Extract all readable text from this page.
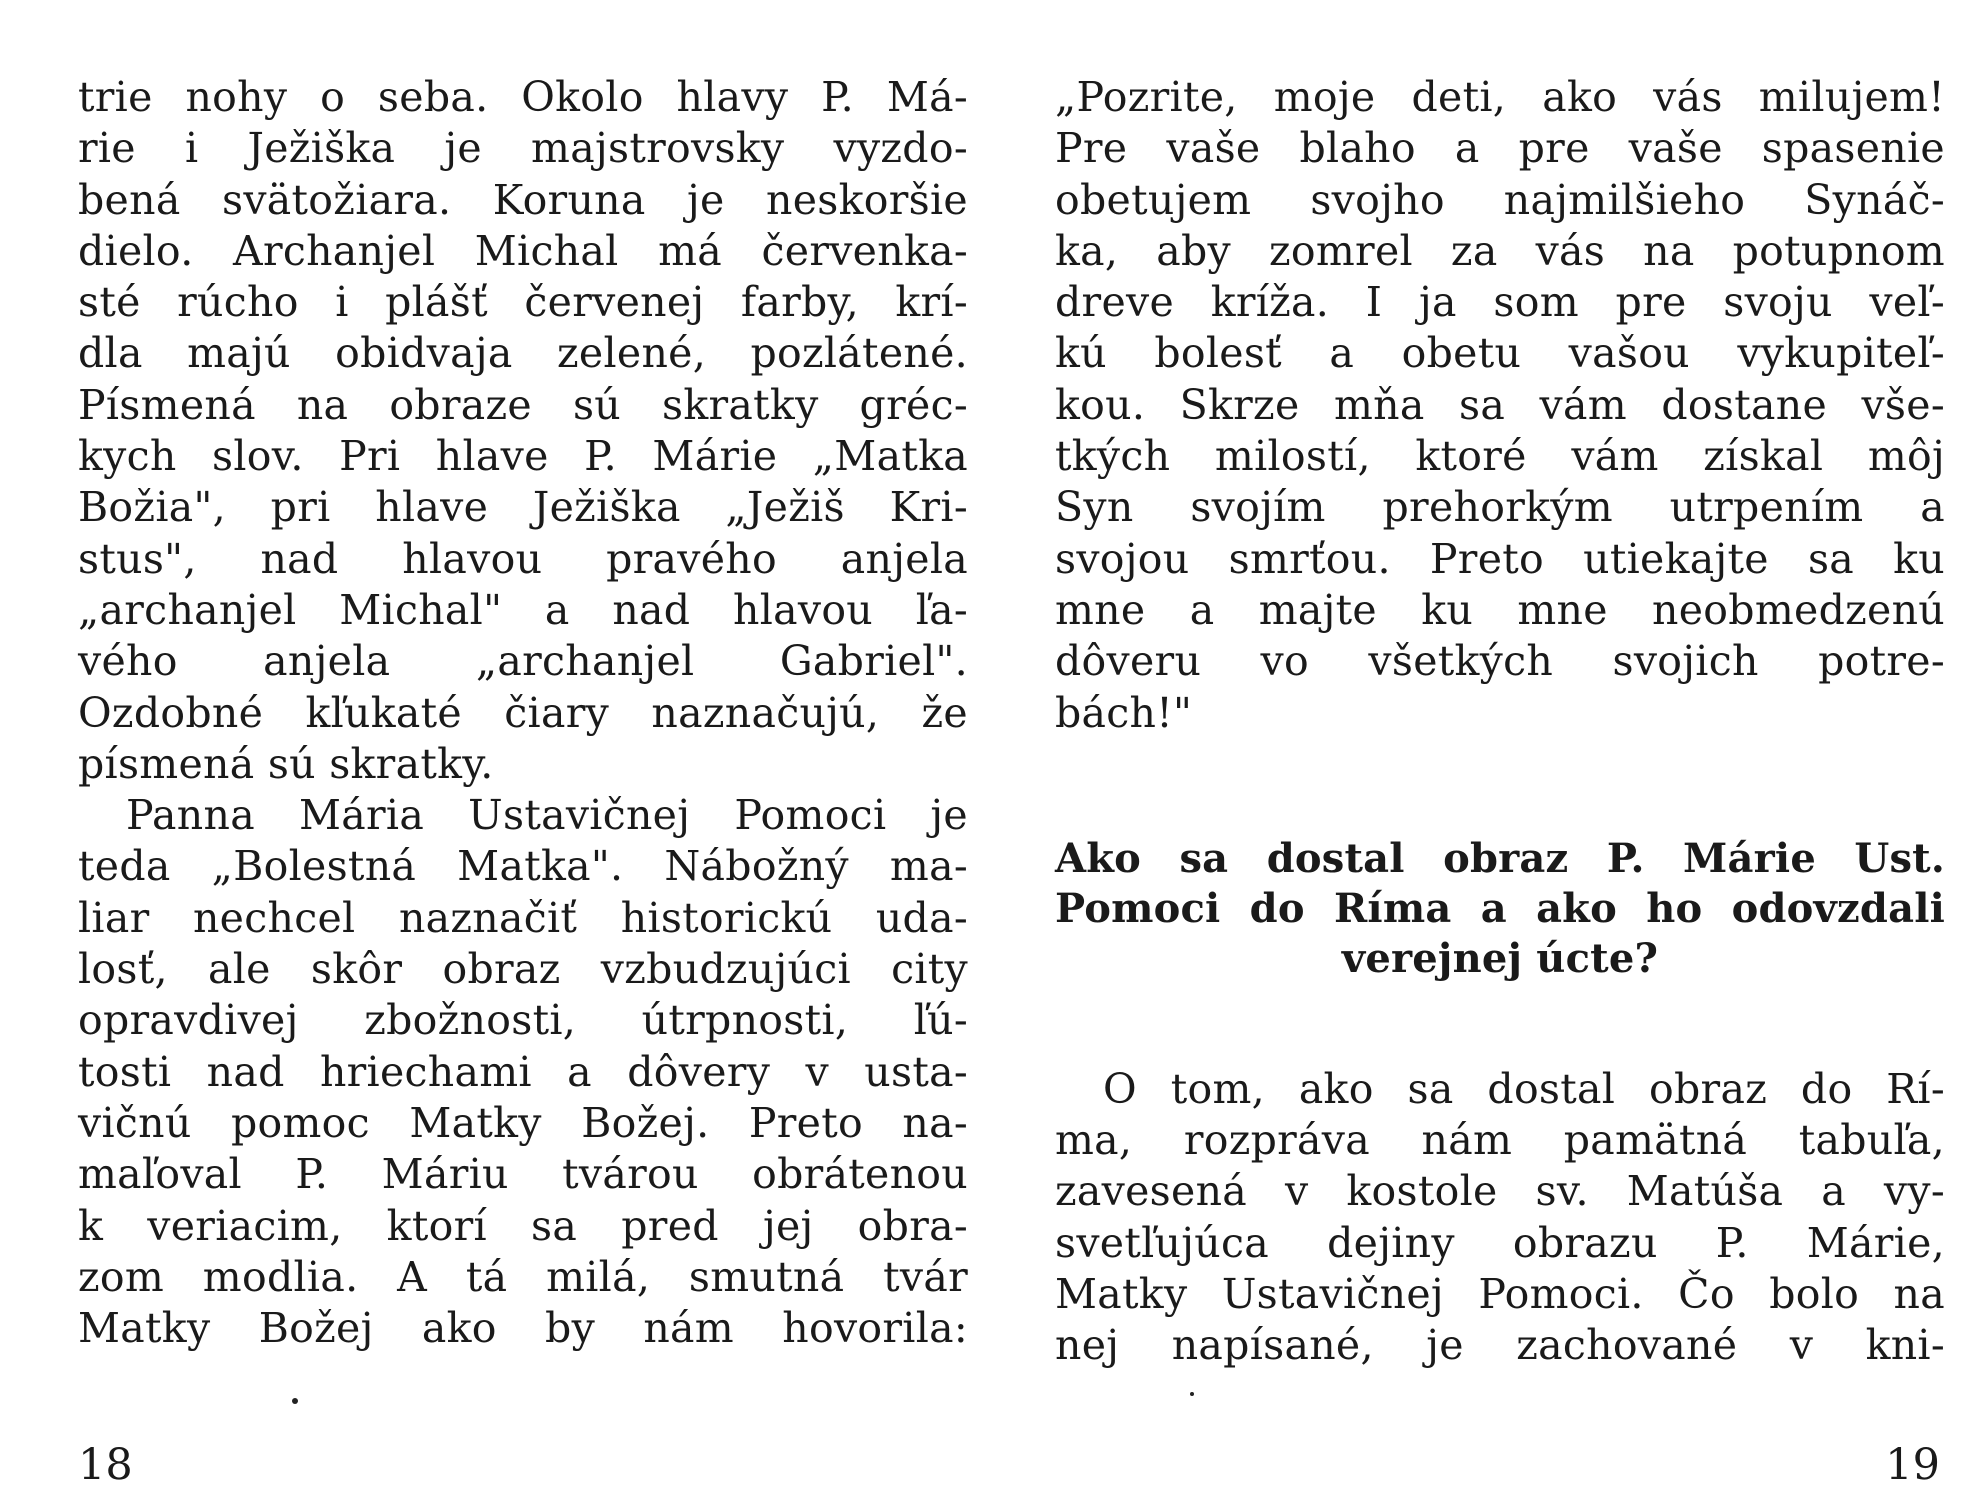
trie nohy o seba. Okolo hlavy P. Má-
rie i Ježiška je majstrovsky vyzdo-
bená svätožiara. Koruna je neskoršie
dielo. Archanjel Michal má červenka-
sté rúcho i plášť červenej farby, krí-
dla majú obidvaja zelené, pozlátené.
Písmená na obraze sú skratky gréc-
kych slov. Pri hlave P. Márie „Matka
Božia", pri hlave Ježiška „Ježiš Kri-
stus", nad hlavou pravého anjela
„archanjel Michal" a nad hlavou ľa-
vého anjela „archanjel Gabriel".
Ozdobné kľukaté čiary naznačujú, že
písmená sú skratky.
Panna Mária Ustavičnej Pomoci je
teda „Bolestná Matka". Nábožný ma-
liar nechcel naznačiť historickú uda-
losť, ale skôr obraz vzbudzujúci city
opravdivej zbožnosti, útrpnosti, ľú-
tosti nad hriechami a dôvery v usta-
vičnú pomoc Matky Božej. Preto na-
maľoval P. Máriu tvárou obrátenou
k veriacim, ktorí sa pred jej obra-
zom modlia. A tá milá, smutná tvár
Matky Božej ako by nám hovorila:
„Pozrite, moje deti, ako vás milujem!
Pre vaše blaho a pre vaše spasenie
obetujem svojho najmilšieho Synáč-
ka, aby zomrel za vás na potupnom
dreve kríža. I ja som pre svoju veľ-
kú bolesť a obetu vašou vykupiteľ-
kou. Skrze mňa sa vám dostane vše-
tkých milostí, ktoré vám získal môj
Syn svojím prehorkým utrpením a
svojou smrťou. Preto utiekajte sa ku
mne a majte ku mne neobmedzenú
dôveru vo všetkých svojich potre-
bách!"
Ako sa dostal obraz P. Márie Ust.
Pomoci do Ríma a ako ho odovzdali
verejnej úcte?
O tom, ako sa dostal obraz do Rí-
ma, rozpráva nám pamätná tabuľa,
zavesená v kostole sv. Matúša a vy-
svetľujúca dejiny obrazu P. Márie,
Matky Ustavičnej Pomoci. Čo bolo na
nej napísané, je zachované v kni-
18	19
